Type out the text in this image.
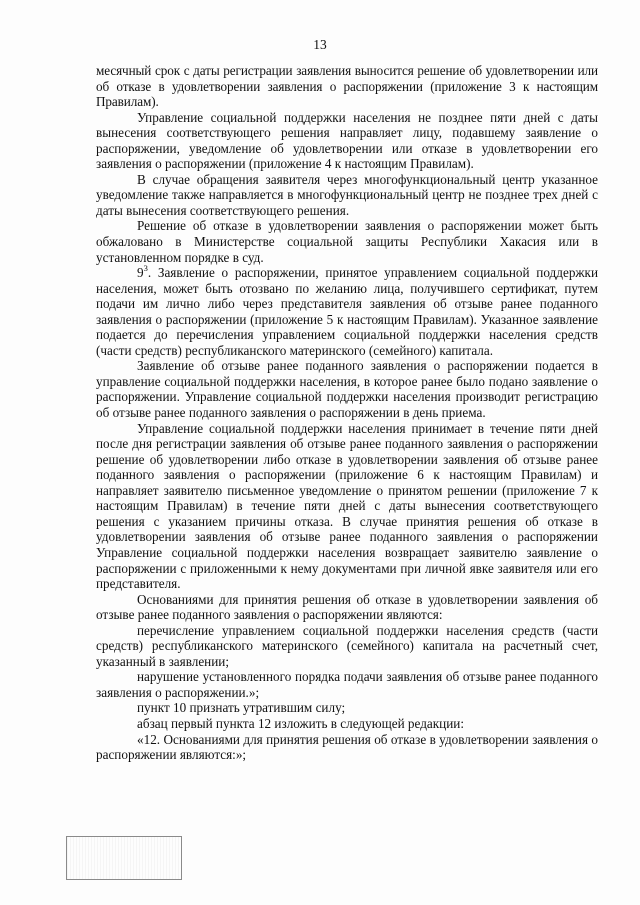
13

месячный срок с даты регистрации заявления выносится решение об удовлетворении или об отказе в удовлетворении заявления о распоряжении (приложение 3 к настоящим Правилам).

Управление социальной поддержки населения не позднее пяти дней с даты вынесения соответствующего решения направляет лицу, подавшему заявление о распоряжении, уведомление об удовлетворении или отказе в удовлетворении его заявления о распоряжении (приложение 4 к настоящим Правилам).

В случае обращения заявителя через многофункциональный центр указанное уведомление также направляется в многофункциональный центр не позднее трех дней с даты вынесения соответствующего решения.

Решение об отказе в удовлетворении заявления о распоряжении может быть обжаловано в Министерстве социальной защиты Республики Хакасия или в установленном порядке в суд.

$9^3$. Заявление о распоряжении, принятое управлением социальной поддержки населения, может быть отозвано по желанию лица, получившего сертификат, путем подачи им лично либо через представителя заявления об отзыве ранее поданного заявления о распоряжении (приложение 5 к настоящим Правилам). Указанное заявление подается до перечисления управлением социальной поддержки населения средств (части средств) республиканского материнского (семейного) капитала.

Заявление об отзыве ранее поданного заявления о распоряжении подается в управление социальной поддержки населения, в которое ранее было подано заявление о распоряжении. Управление социальной поддержки населения производит регистрацию об отзыве ранее поданного заявления о распоряжении в день приема.

Управление социальной поддержки населения принимает в течение пяти дней после дня регистрации заявления об отзыве ранее поданного заявления о распоряжении решение об удовлетворении либо отказе в удовлетворении заявления об отзыве ранее поданного заявления о распоряжении (приложение 6 к настоящим Правилам) и направляет заявителю письменное уведомление о принятом решении (приложение 7 к настоящим Правилам) в течение пяти дней с даты вынесения соответствующего решения с указанием причины отказа. В случае принятия решения об отказе в удовлетворении заявления об отзыве ранее поданного заявления о распоряжении Управление социальной поддержки населения возвращает заявителю заявление о распоряжении с приложенными к нему документами при личной явке заявителя или его представителя.

Основаниями для принятия решения об отказе в удовлетворении заявления об отзыве ранее поданного заявления о распоряжении являются:

перечисление управлением социальной поддержки населения средств (части средств) республиканского материнского (семейного) капитала на расчетный счет, указанный в заявлении;

нарушение установленного порядка подачи заявления об отзыве ранее поданного заявления о распоряжении.»;

пункт 10 признать утратившим силу;

абзац первый пункта 12 изложить в следующей редакции:

«12. Основаниями для принятия решения об отказе в удовлетворении заявления о распоряжении являются:»;
